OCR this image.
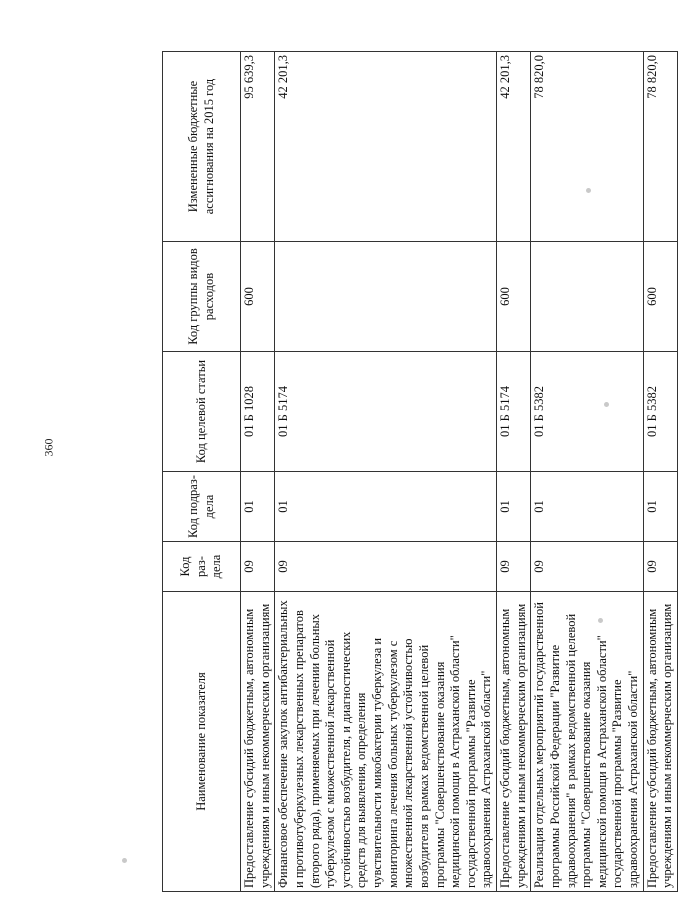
360
Наименование показателя	Код раз-дела	Код подраз-дела	Код целевой статьи	Код группы видов расходов	Измененные бюджетные ассигнования на 2015 год
Предоставление субсидий бюджетным, автономным учреждениям и иным некоммерческим организациям	09	01	01 Б 1028	600	95 639,3
Финансовое обеспечение закупок антибактериальных и противотуберкулезных лекарственных препаратов (второго ряда), применяемых при лечении больных туберкулезом с множественной лекарственной устойчивостью возбудителя, и диагностических средств для выявления, определения чувствительности микобактерии туберкулеза и мониторинга лечения больных туберкулезом с множественной лекарственной устойчивостью возбудителя в рамках ведомственной целевой программы "Совершенствование оказания медицинской помощи в Астраханской области" государственной программы "Развитие здравоохранения Астраханской области"	09	01	01 Б 5174		42 201,3
Предоставление субсидий бюджетным, автономным учреждениям и иным некоммерческим организациям	09	01	01 Б 5174	600	42 201,3
Реализация отдельных мероприятий государственной программы Российской Федерации "Развитие здравоохранения" в рамках ведомственной целевой программы "Совершенствование оказания медицинской помощи в Астраханской области" государственной программы "Развитие здравоохранения Астраханской области"	09	01	01 Б 5382		78 820,0
Предоставление субсидий бюджетным, автономным учреждениям и иным некоммерческим организациям	09	01	01 Б 5382	600	78 820,0
